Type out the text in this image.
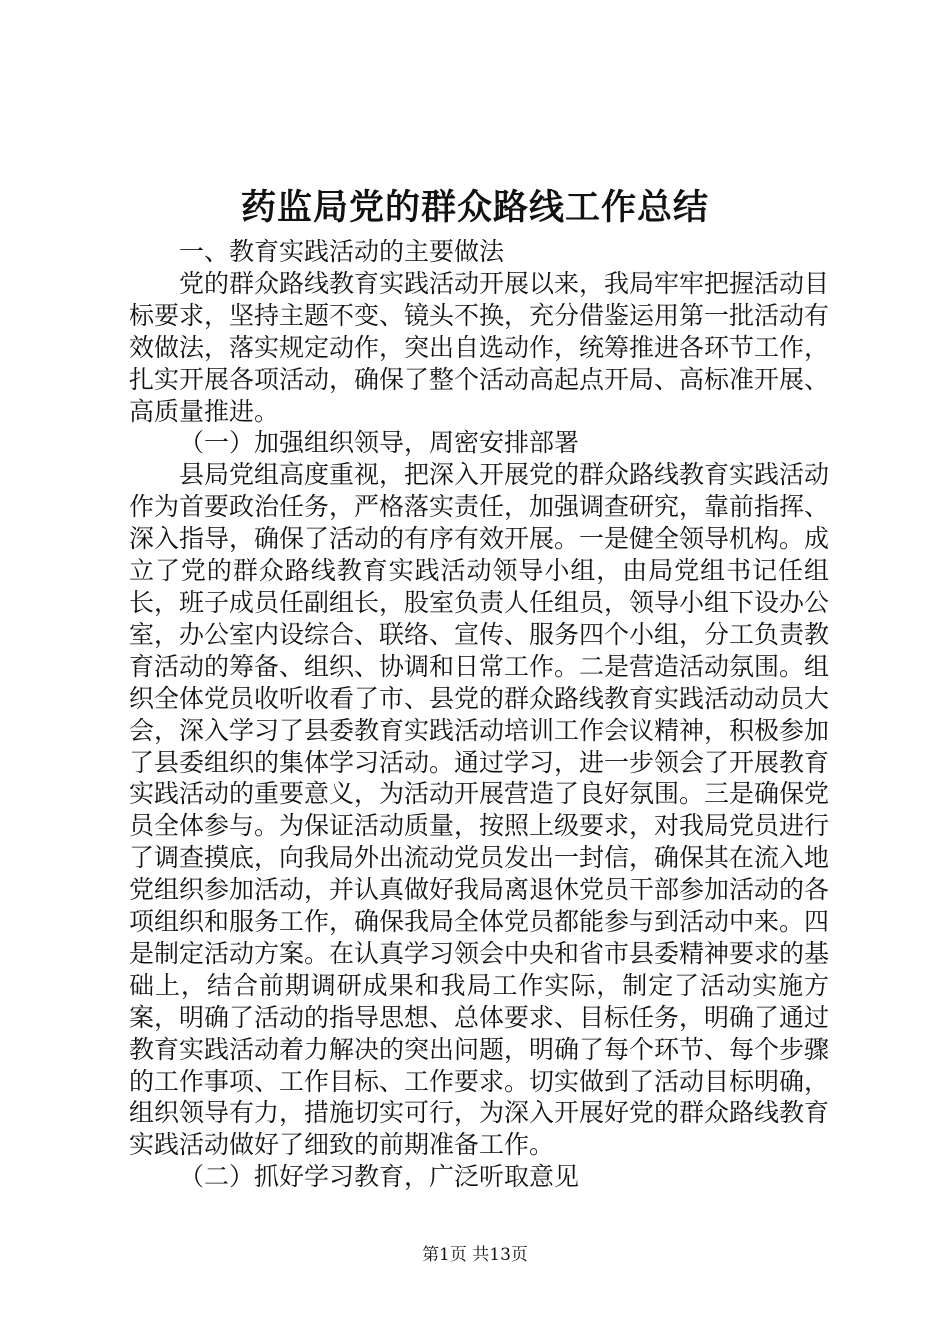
药监局党的群众路线工作总结

一、教育实践活动的主要做法

党的群众路线教育实践活动开展以来，我局牢牢把握活动目标要求，坚持主题不变、镜头不换，充分借鉴运用第一批活动有效做法，落实规定动作，突出自选动作，统筹推进各环节工作，扎实开展各项活动，确保了整个活动高起点开局、高标准开展、高质量推进。

（一）加强组织领导，周密安排部署

县局党组高度重视，把深入开展党的群众路线教育实践活动作为首要政治任务，严格落实责任，加强调查研究，靠前指挥、深入指导，确保了活动的有序有效开展。一是健全领导机构。成立了党的群众路线教育实践活动领导小组，由局党组书记任组长，班子成员任副组长，股室负责人任组员，领导小组下设办公室，办公室内设综合、联络、宣传、服务四个小组，分工负责教育活动的筹备、组织、协调和日常工作。二是营造活动氛围。组织全体党员收听收看了市、县党的群众路线教育实践活动动员大会，深入学习了县委教育实践活动培训工作会议精神，积极参加了县委组织的集体学习活动。通过学习，进一步领会了开展教育实践活动的重要意义，为活动开展营造了良好氛围。三是确保党员全体参与。为保证活动质量，按照上级要求，对我局党员进行了调查摸底，向我局外出流动党员发出一封信，确保其在流入地党组织参加活动，并认真做好我局离退休党员干部参加活动的各项组织和服务工作，确保我局全体党员都能参与到活动中来。四是制定活动方案。在认真学习领会中央和省市县委精神要求的基础上，结合前期调研成果和我局工作实际，制定了活动实施方案，明确了活动的指导思想、总体要求、目标任务，明确了通过教育实践活动着力解决的突出问题，明确了每个环节、每个步骤的工作事项、工作目标、工作要求。切实做到了活动目标明确，组织领导有力，措施切实可行，为深入开展好党的群众路线教育实践活动做好了细致的前期准备工作。

（二）抓好学习教育，广泛听取意见

第1页 共13页
